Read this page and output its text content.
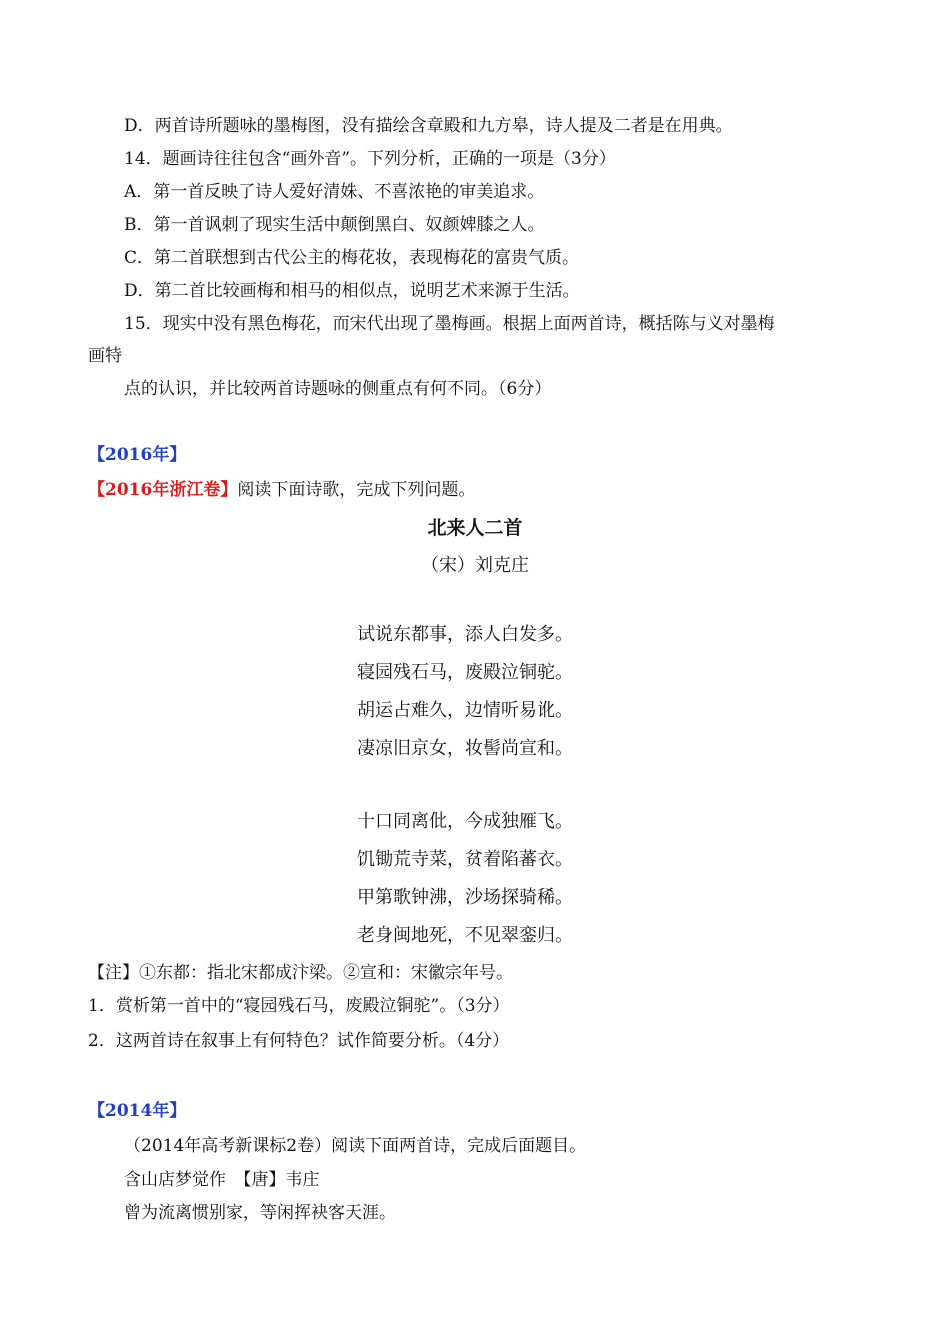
D．两首诗所题咏的墨梅图，没有描绘含章殿和九方皋，诗人提及二者是在用典。
14．题画诗往往包含“画外音”。下列分析，正确的一项是（3分）
A．第一首反映了诗人爱好清姝、不喜浓艳的审美追求。
B．第一首讽刺了现实生活中颠倒黑白、奴颜婢膝之人。
C．第二首联想到古代公主的梅花妆，表现梅花的富贵气质。
D．第二首比较画梅和相马的相似点，说明艺术来源于生活。
15．现实中没有黑色梅花，而宋代出现了墨梅画。根据上面两首诗，概括陈与义对墨梅
画特
点的认识，并比较两首诗题咏的侧重点有何不同。（6分）
【2016年】
【2016年浙江卷】阅读下面诗歌，完成下列问题。
北来人二首
（宋）刘克庄
试说东都事，添人白发多。
寝园残石马，废殿泣铜驼。
胡运占难久，边情听易讹。
凄凉旧京女，妆髻尚宣和。
十口同离仳，今成独雁飞。
饥锄荒寺菜，贫着陷蕃衣。
甲第歌钟沸，沙场探骑稀。
老身闽地死，不见翠銮归。
【注】①东都：指北宋都成汴梁。②宣和：宋徽宗年号。
1．赏析第一首中的“寝园残石马，废殿泣铜驼”。（3分）
2．这两首诗在叙事上有何特色？试作简要分析。（4分）
【2014年】
（2014年高考新课标2卷）阅读下面两首诗，完成后面题目。
含山店梦觉作　【唐】韦庄
曾为流离惯别家，等闲挥袂客天涯。
